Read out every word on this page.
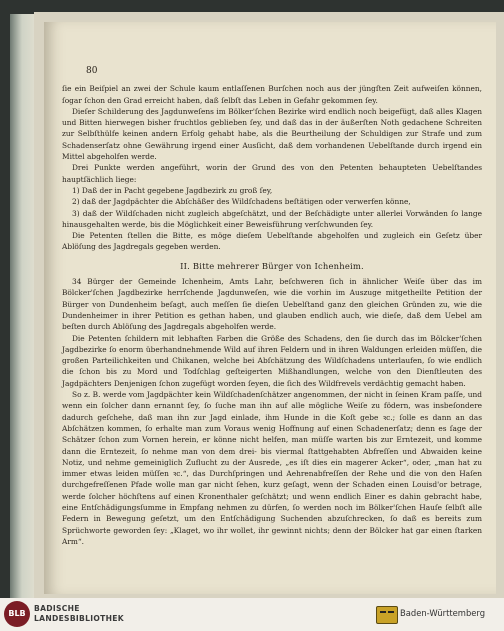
80

ſie ein Beiſpiel an zwei der Schule kaum entlaſſenen Burſchen noch aus der jüngſten Zeit aufweiſen können, ſogar ſchon den Grad erreicht haben, daß ſelbſt das Leben in Gefahr gekommen ſey.

Dieſer Schilderung des Jagdunweſens im Bölker'ſchen Bezirke wird endlich noch beigefügt, daß alles Klagen und Bitten hierwegen bisher fruchtlos geblieben ſey, und daß das in der äußerſten Noth gedachene Schreiten zur Selbſthülfe keinen andern Erfolg gehabt habe, als die Beurtheilung der Schuldigen zur Strafe und zum Schadenserſatz ohne Gewährung irgend einer Ausſicht, daß dem vorhandenen Uebelſtande durch irgend ein Mittel abgeholfen werde.

Drei Punkte werden angeführt, worin der Grund des von den Petenten behaupteten Uebelſtandes hauptſächlich liege:

1) Daß der in Pacht gegebene Jagdbezirk zu groß ſey,

2) daß der Jagdpächter die Abſchäßer des Wildſchadens beſtätigen oder verwerfen könne,

3) daß der Wildſchaden nicht zugleich abgeſchätzt, und der Beſchädigte unter allerlei Vorwänden ſo lange hinausgehalten werde, bis die Möglichkeit einer Beweisführung verſchwunden ſey.

Die Petenten ſtellen die Bitte, es möge dieſem Uebelſtande abgeholfen und zugleich ein Geſetz über Ablöſung des Jagdregals gegeben werden.

II. Bitte mehrerer Bürger von Ichenheim.

34 Bürger der Gemeinde Ichenheim, Amts Lahr, beſchweren ſich in ähnlicher Weiſe über das im Bölcker'ſchen Jagdbezirke herrſchende Jagdunweſen, wie die vorhin im Auszuge mitgetheilte Petition der Bürger von Dundenheim beſagt, auch meſſen ſie dieſen Uebelſtand ganz den gleichen Gründen zu, wie die Dundenheimer in ihrer Petition es gethan haben, und glauben endlich auch, wie dieſe, daß dem Uebel am beſten durch Ablöſung des Jagdregals abgeholfen werde.

Die Petenten ſchildern mit lebhaften Farben die Größe des Schadens, den ſie durch das im Bölcker'ſchen Jagdbezirke ſo enorm überhandnehmende Wild auf ihren Feldern und in ihren Waldungen erleiden müſſen, die großen Parteilichkeiten und Chikanen, welche bei Abſchätzung des Wildſchadens unterlaufen, ſo wie endlich die ſchon bis zu Mord und Todſchlag geſteigerten Mißhandlungen, welche von den Dienſtleuten des Jagdpächters Denjenigen ſchon zugefügt worden ſeyen, die ſich des Wildfrevels verdächtig gemacht haben.

So z. B. werde vom Jagdpächter kein Wildſchadenſchätzer angenommen, der nicht in ſeinen Kram paſſe, und wenn ein ſolcher dann ernannt ſey, ſo ſuche man ihn auf alle mögliche Weiſe zu födern, was insbeſondere dadurch geſchehe, daß man ihn zur Jagd einlade, ihm Hunde in die Koſt gebe ꝛc.; ſolle es dann an das Abſchätzen kommen, ſo erhalte man zum Voraus wenig Hoffnung auf einen Schadenerſatz; denn es ſage der Schätzer ſchon zum Vornen herein, er könne nicht helfen, man müſſe warten bis zur Erntezeit, und komme dann die Erntezeit, ſo nehme man von dem drei- bis viermal ſtattgehabten Abfreſſen und Abwaiden keine Notiz, und nehme gemeiniglich Zuflucht zu der Ausrede, „es iſt dies ein magerer Acker“, oder, „man hat zu immer etwas leiden müſſen ꝛc.“, das Durchſpringen und Aehrenabfreſſen der Rehe und die von den Haſen durchgefreſſenen Pfade wolle man gar nicht ſehen, kurz geſagt, wenn der Schaden einen Louisd'or betrage, werde ſolcher höchſtens auf einen Kronenthaler geſchätzt; und wenn endlich Einer es dahin gebracht habe, eine Entſchädigungsſumme in Empfang nehmen zu dürfen, ſo werden noch im Bölker'ſchen Hauſe ſelbſt alle Federn in Bewegung geſetzt, um den Entſchädigung Suchenden abzuſchrecken, ſo daß es bereits zum Sprüchworte geworden ſey: „Klaget, wo ihr wollet, ihr gewinnt nichts; denn der Bölcker hat gar einen ſtarken Arm“.

BLB
BADISCHE
LANDESBIBLIOTHEK
Baden-Württemberg
